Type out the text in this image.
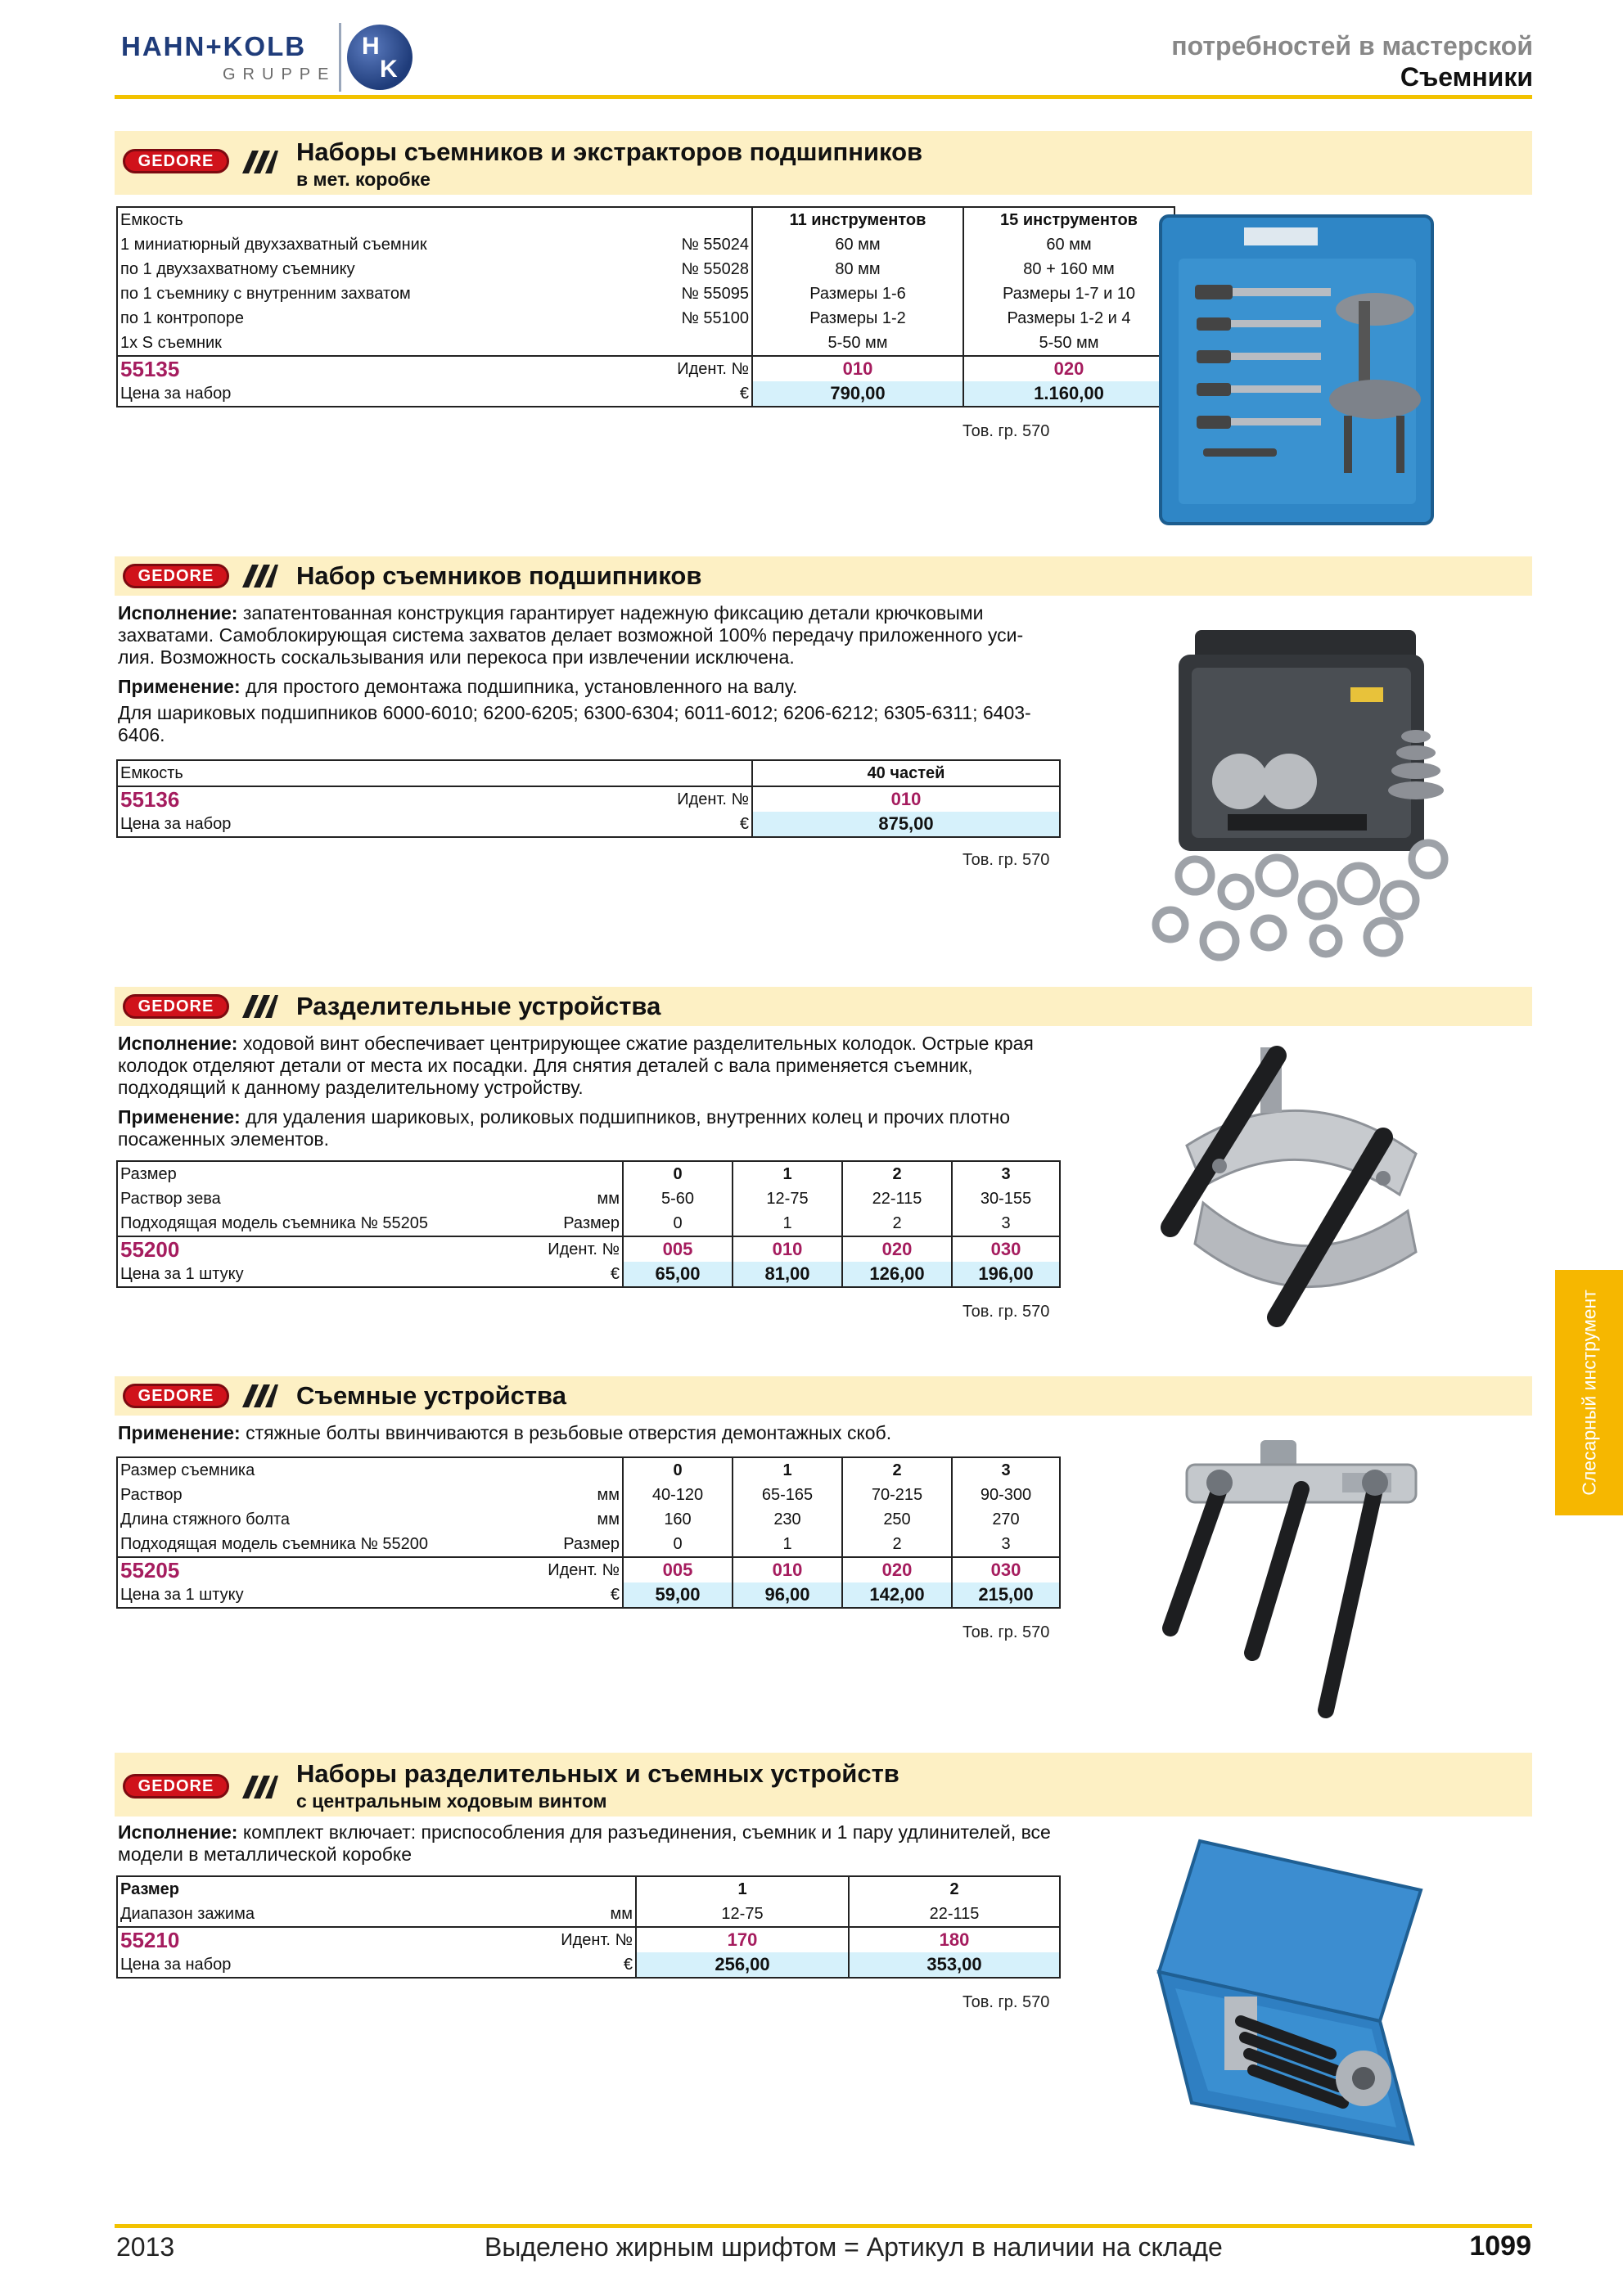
HAHN+KOLB
GRUPPE
H
K
потребностей в мастерской
Съемники
GEDORE	Наборы съемников и экстракторов подшипников
в мет. коробке
Емкость		11 инструментов	15 инструментов
1 миниатюрный двухзахватный съемник	№ 55024	60 мм	60 мм
по 1 двухзахватному съемнику	№ 55028	80 мм	80 + 160 мм
по 1 съемнику с внутренним захватом	№ 55095	Размеры 1-6	Размеры 1-7 и 10
по 1 контропоре	№ 55100	Размеры 1-2	Размеры 1-2 и 4
1x S съемник		5-50 мм	5-50 мм
55135	Идент. №	010	020
Цена за набор	€	790,00	1.160,00
Тов. гр. 570
GEDORE	Набор съемников подшипников
Исполнение: запатентованная конструкция гарантирует надежную фиксацию детали крючковыми захватами. Самоблокирующая система захватов делает возможной 100% передачу приложенного уси-лия. Возможность соскальзывания или перекоса при извлечении исключена.
Применение: для простого демонтажа подшипника, установленного на валу.
Для шариковых подшипников 6000-6010; 6200-6205; 6300-6304; 6011-6012; 6206-6212; 6305-6311; 6403-6406.
Емкость		40 частей
55136	Идент. №	010
Цена за набор	€	875,00
Тов. гр. 570
GEDORE	Разделительные устройства
Исполнение: ходовой винт обеспечивает центрирующее сжатие разделительных колодок. Острые края колодок отделяют детали от места их посадки. Для снятия деталей с вала применяется съемник, подходящий к данному разделительному устройству.
Применение: для удаления шариковых, роликовых подшипников, внутренних колец и прочих плотно посаженных элементов.
Размер		0	1	2	3
Раствор зева	мм	5-60	12-75	22-115	30-155
Подходящая модель съемника № 55205	Размер	0	1	2	3
55200	Идент. №	005	010	020	030
Цена за 1 штуку	€	65,00	81,00	126,00	196,00
Тов. гр. 570
GEDORE	Съемные устройства
Применение: стяжные болты ввинчиваются в резьбовые отверстия демонтажных скоб.
Размер съемника		0	1	2	3
Раствор	мм	40-120	65-165	70-215	90-300
Длина стяжного болта	мм	160	230	250	270
Подходящая модель съемника № 55200	Размер	0	1	2	3
55205	Идент. №	005	010	020	030
Цена за 1 штуку	€	59,00	96,00	142,00	215,00
Тов. гр. 570
GEDORE	Наборы разделительных и съемных устройств
с центральным ходовым винтом
Исполнение: комплект включает: приспособления для разъединения, съемник и 1 пару удлинителей, все модели в металлической коробке
Размер		1	2
Диапазон зажима	мм	12-75	22-115
55210	Идент. №	170	180
Цена за набор	€	256,00	353,00
Тов. гр. 570
Слесарный инструмент
2013	Выделено жирным шрифтом = Артикул в наличии на складе	1099
